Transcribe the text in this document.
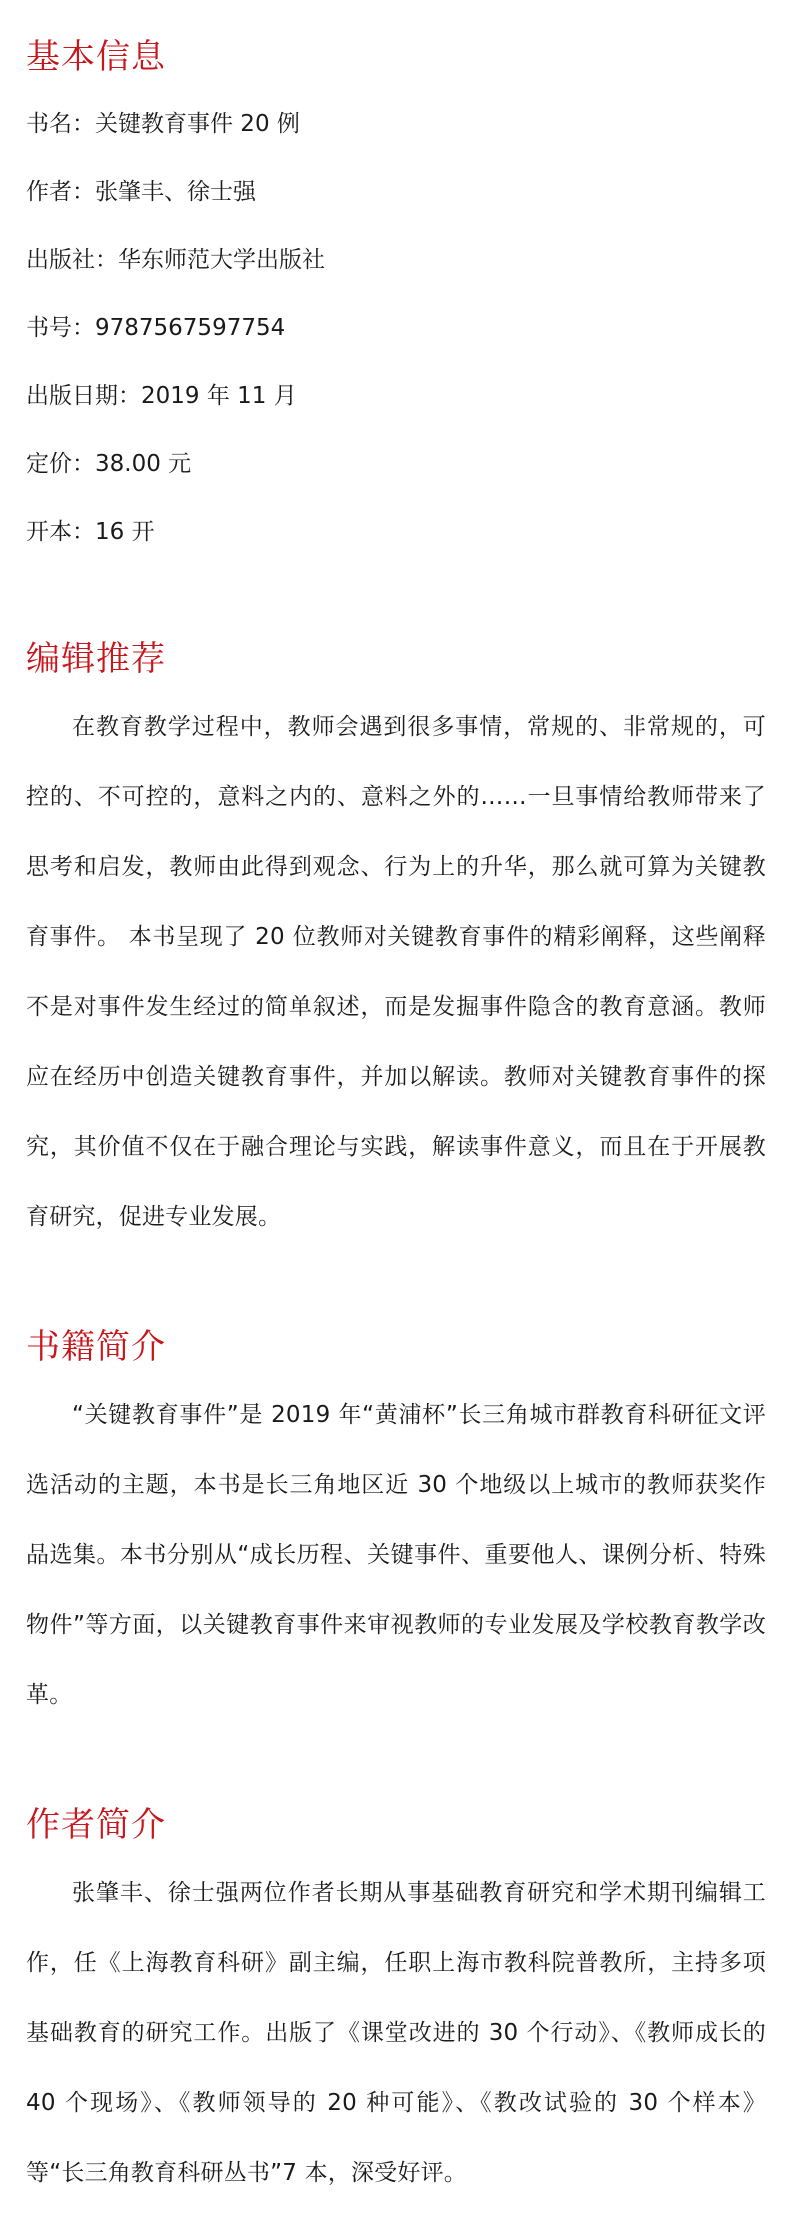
基本信息
书名：关键教育事件 20 例
作者：张肇丰、徐士强
出版社：华东师范大学出版社
书号：9787567597754
出版日期：2019 年 11 月
定价：38.00 元
开本：16 开
编辑推荐

在教育教学过程中，教师会遇到很多事情，常规的、非常规的，可控的、不可控的，意料之内的、意料之外的……一旦事情给教师带来了思考和启发，教师由此得到观念、行为上的升华，那么就可算为关键教育事件。 本书呈现了 20 位教师对关键教育事件的精彩阐释，这些阐释不是对事件发生经过的简单叙述，而是发掘事件隐含的教育意涵。教师应在经历中创造关键教育事件，并加以解读。教师对关键教育事件的探究，其价值不仅在于融合理论与实践，解读事件意义，而且在于开展教育研究，促进专业发展。

书籍简介

“关键教育事件”是 2019 年“黄浦杯”长三角城市群教育科研征文评选活动的主题，本书是长三角地区近 30 个地级以上城市的教师获奖作品选集。本书分别从“成长历程、关键事件、重要他人、课例分析、特殊物件”等方面，以关键教育事件来审视教师的专业发展及学校教育教学改革。

作者简介

张肇丰、徐士强两位作者长期从事基础教育研究和学术期刊编辑工作，任《上海教育科研》副主编，任职上海市教科院普教所，主持多项基础教育的研究工作。出版了《课堂改进的 30 个行动》、《教师成长的 40 个现场》、《教师领导的 20 种可能》、《教改试验的 30 个样本》等“长三角教育科研丛书”7 本，深受好评。
